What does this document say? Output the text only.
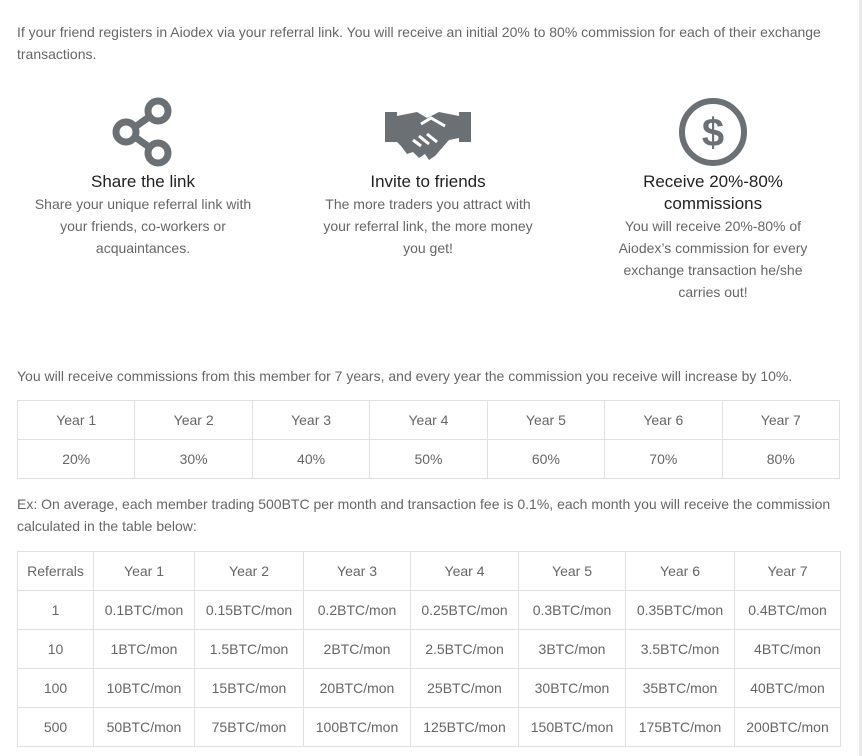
If your friend registers in Aiodex via your referral link. You will receive an initial 20% to 80% commission for each of their exchange transactions.
Share the link
Share your unique referral link with
your friends, co-workers or
acquaintances.
Invite to friends
The more traders you attract with
your referral link, the more money
you get!
$
Receive 20%-80%
commissions
You will receive 20%-80% of
Aiodex’s commission for every
exchange transaction he/she
carries out!
You will receive commissions from this member for 7 years, and every year the commission you receive will increase by 10%.
Year 1	Year 2	Year 3	Year 4	Year 5	Year 6	Year 7
20%	30%	40%	50%	60%	70%	80%
Ex: On average, each member trading 500BTC per month and transaction fee is 0.1%, each month you will receive the commission calculated in the table below:
Referrals	Year 1	Year 2	Year 3	Year 4	Year 5	Year 6	Year 7
1	0.1BTC/mon	0.15BTC/mon	0.2BTC/mon	0.25BTC/mon	0.3BTC/mon	0.35BTC/mon	0.4BTC/mon
10	1BTC/mon	1.5BTC/mon	2BTC/mon	2.5BTC/mon	3BTC/mon	3.5BTC/mon	4BTC/mon
100	10BTC/mon	15BTC/mon	20BTC/mon	25BTC/mon	30BTC/mon	35BTC/mon	40BTC/mon
500	50BTC/mon	75BTC/mon	100BTC/mon	125BTC/mon	150BTC/mon	175BTC/mon	200BTC/mon
